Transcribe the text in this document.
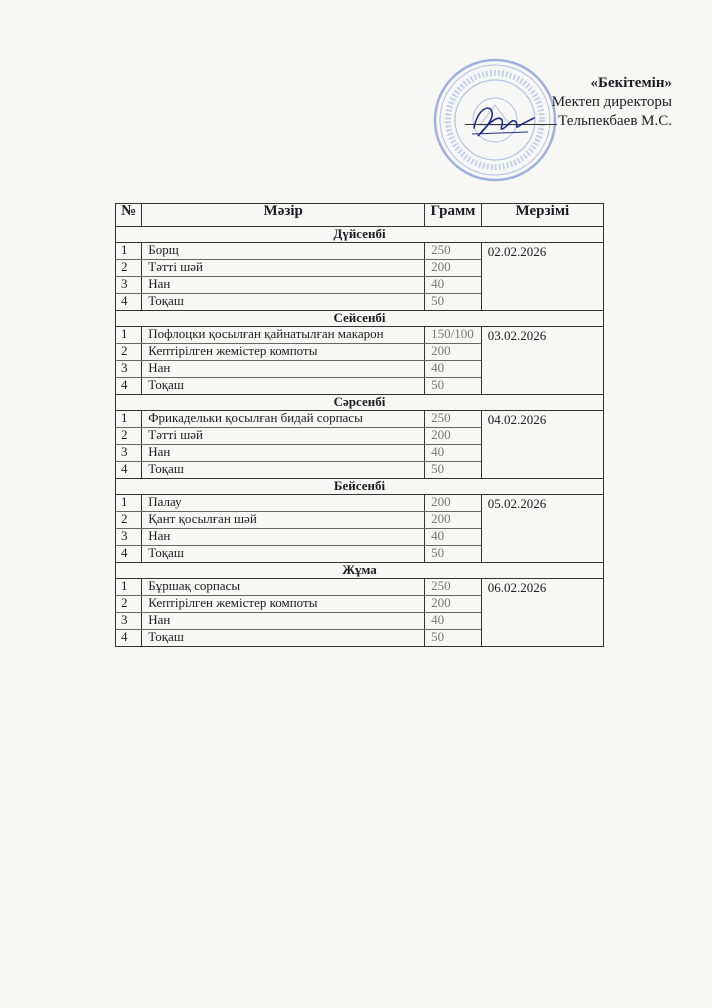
«Бекітемін»
Мектеп директоры
Тельпекбаев М.С.
№	Мәзір	Грамм	Мерзімі
Дүйсенбі			
1	Борщ	250	02.02.2026
2	Тәтті шәй	200	
3	Нан	40	
4	Тоқаш	50	
Сейсенбі			
1	Пофлоцки қосылған қайнатылған макарон	150/100	03.02.2026
2	Кептірілген жемістер компоты	200	
3	Нан	40	
4	Тоқаш	50	
Сәрсенбі			
1	Фрикадельки қосылған бидай сорпасы	250	04.02.2026
2	Тәтті шәй	200	
3	Нан	40	
4	Тоқаш	50	
Бейсенбі			
1	Палау	200	05.02.2026
2	Қант қосылған шәй	200	
3	Нан	40	
4	Тоқаш	50	
Жұма			
1	Бұршақ сорпасы	250	06.02.2026
2	Кептірілген жемістер компоты	200	
3	Нан	40	
4	Тоқаш	50	
